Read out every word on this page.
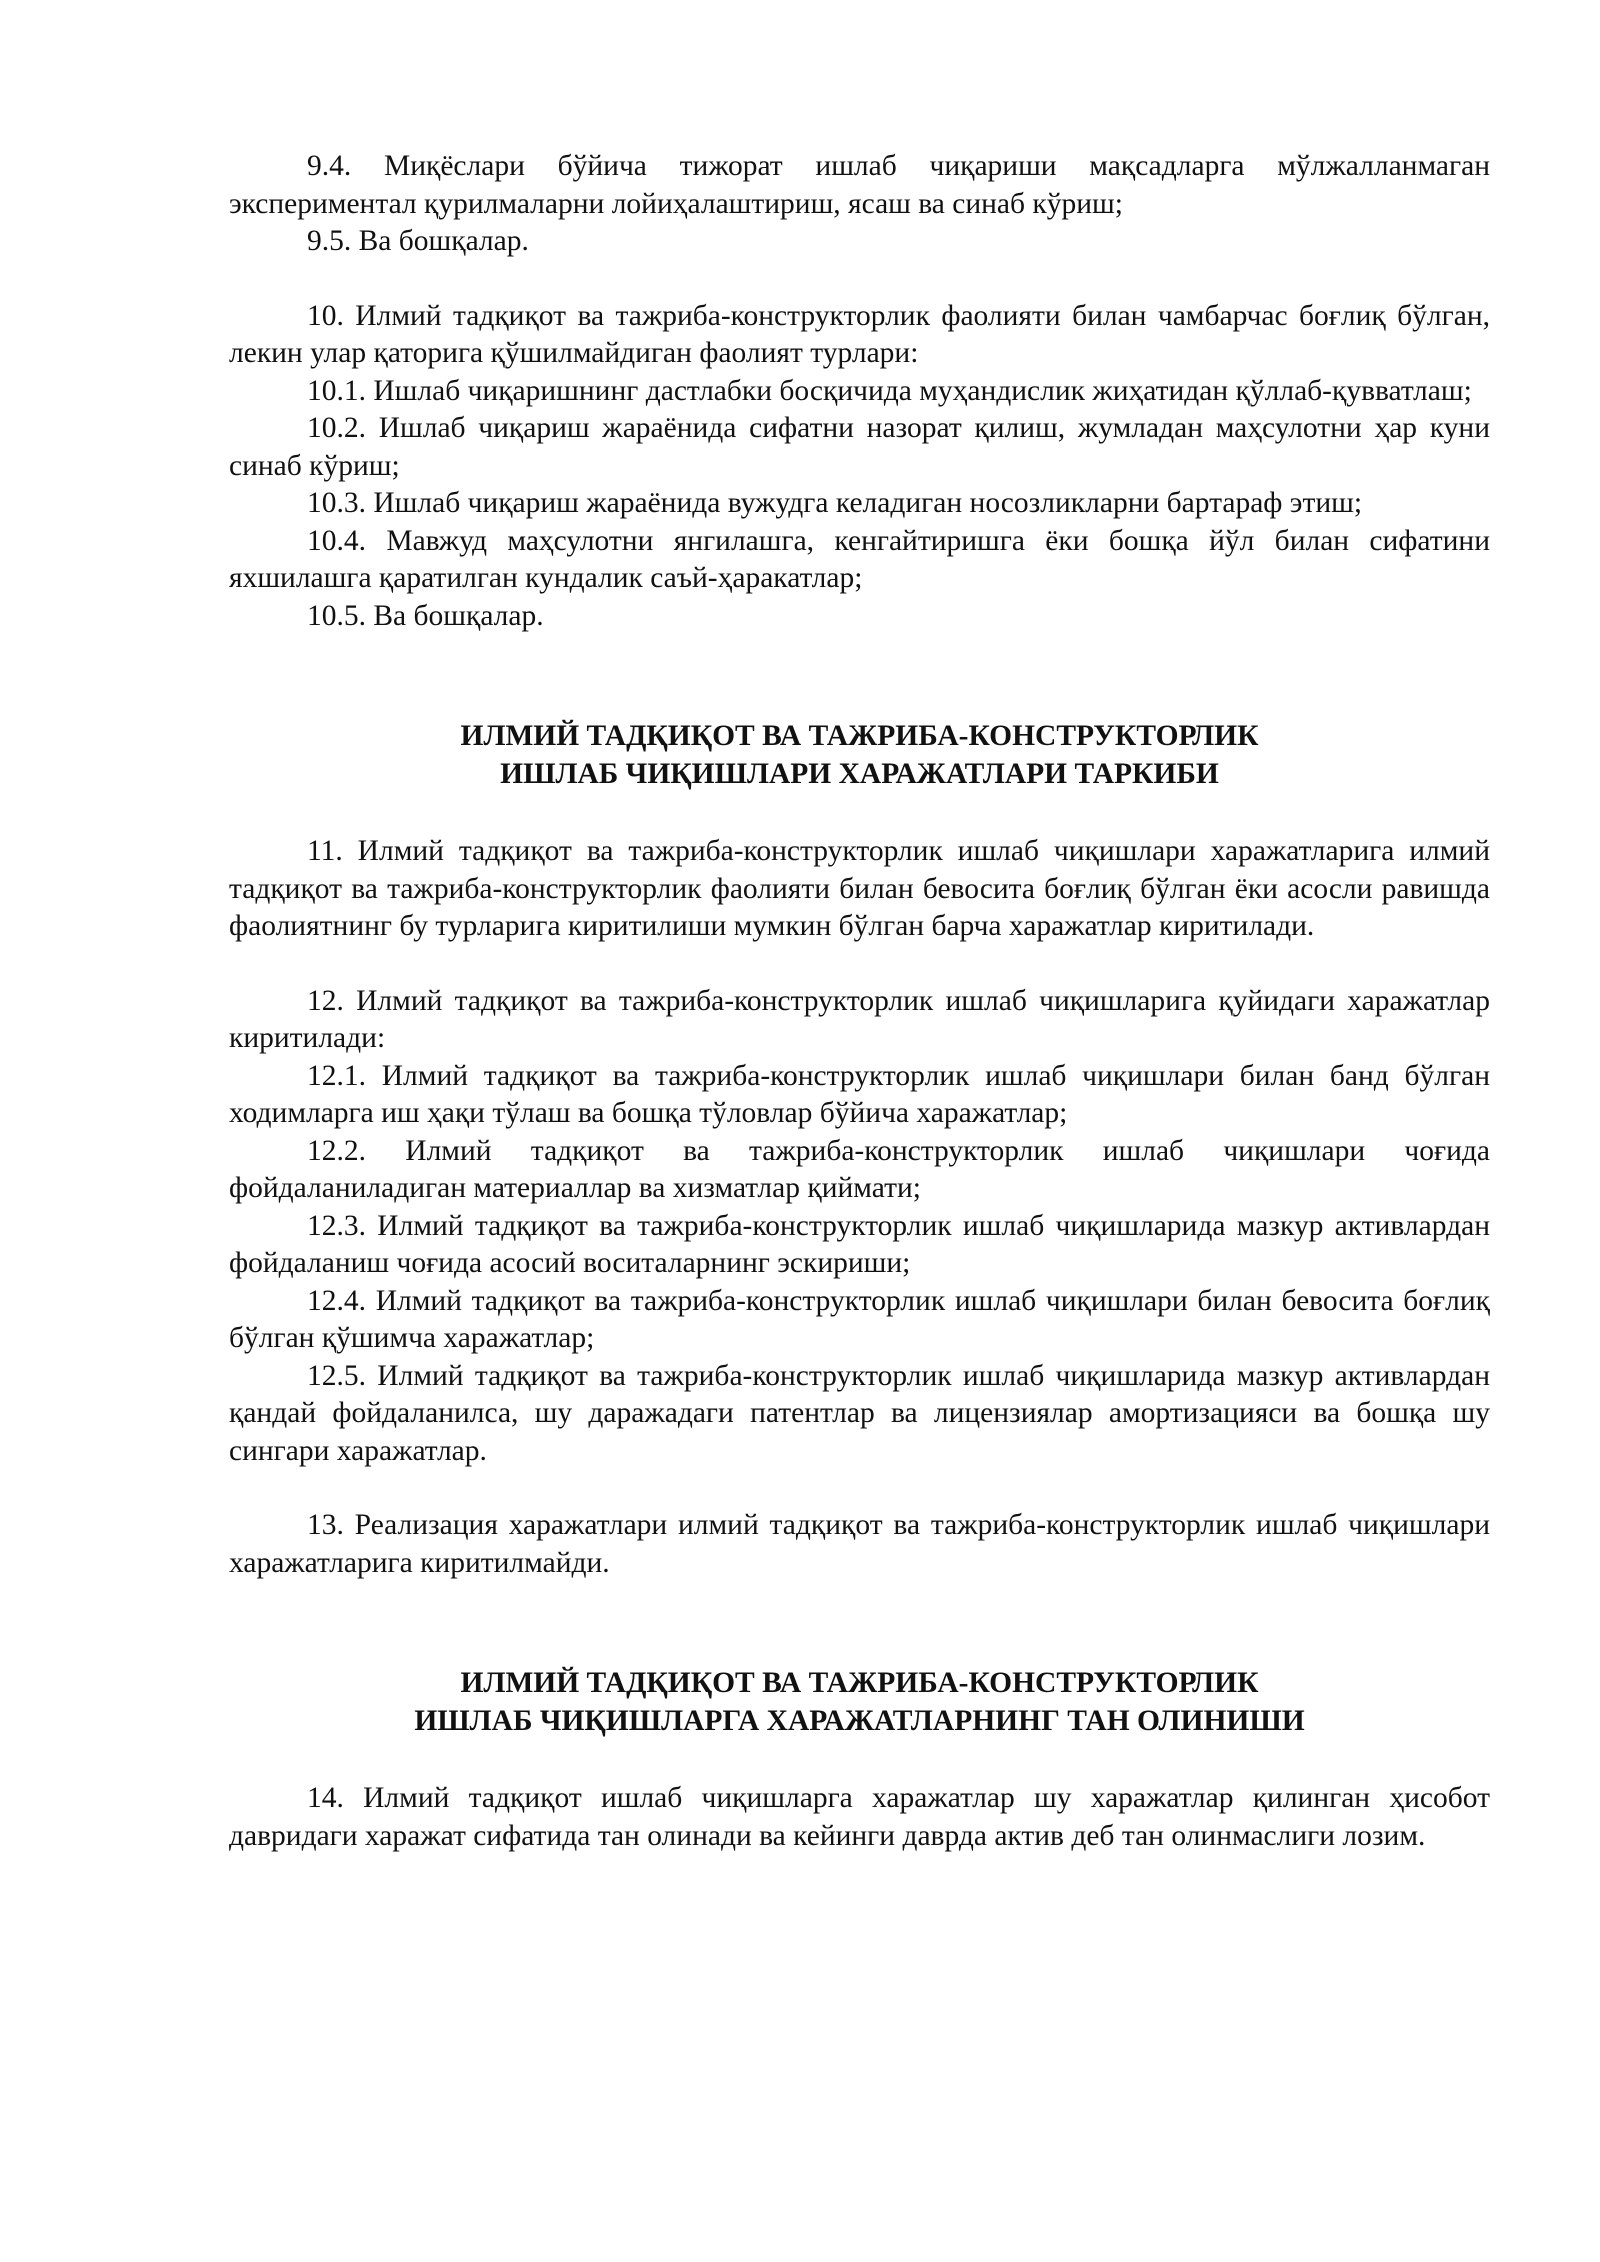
9.4. Миқёслари бўйича тижорат ишлаб чиқариши мақсадларга мўлжалланмаган экспериментал қурилмаларни лойиҳалаштириш, ясаш ва синаб кўриш;

9.5. Ва бошқалар.

10. Илмий тадқиқот ва тажриба-конструкторлик фаолияти билан чамбарчас боғлиқ бўлган, лекин улар қаторига қўшилмайдиган фаолият турлари:

10.1. Ишлаб чиқаришнинг дастлабки босқичида муҳандислик жиҳатидан қўллаб-қувватлаш;

10.2. Ишлаб чиқариш жараёнида сифатни назорат қилиш, жумладан маҳсулотни ҳар куни синаб кўриш;

10.3. Ишлаб чиқариш жараёнида вужудга келадиган носозликларни бартараф этиш;

10.4. Мавжуд маҳсулотни янгилашга, кенгайтиришга ёки бошқа йўл билан сифатини яхшилашга қаратилган кундалик саъй-ҳаракатлар;

10.5. Ва бошқалар.

ИЛМИЙ ТАДҚИҚОТ ВА ТАЖРИБА-КОНСТРУКТОРЛИК
ИШЛАБ ЧИҚИШЛАРИ ХАРАЖАТЛАРИ ТАРКИБИ

11. Илмий тадқиқот ва тажриба-конструкторлик ишлаб чиқишлари харажатларига илмий тадқиқот ва тажриба-конструкторлик фаолияти билан бевосита боғлиқ бўлган ёки асосли равишда фаолиятнинг бу турларига киритилиши мумкин бўлган барча харажатлар киритилади.

12. Илмий тадқиқот ва тажриба-конструкторлик ишлаб чиқишларига қуйидаги харажатлар киритилади:

12.1. Илмий тадқиқот ва тажриба-конструкторлик ишлаб чиқишлари билан банд бўлган ходимларга иш ҳақи тўлаш ва бошқа тўловлар бўйича харажатлар;

12.2. Илмий тадқиқот ва тажриба-конструкторлик ишлаб чиқишлари чоғида фойдаланиладиган материаллар ва хизматлар қиймати;

12.3. Илмий тадқиқот ва тажриба-конструкторлик ишлаб чиқишларида мазкур активлардан фойдаланиш чоғида асосий воситаларнинг эскириши;

12.4. Илмий тадқиқот ва тажриба-конструкторлик ишлаб чиқишлари билан бевосита боғлиқ бўлган қўшимча харажатлар;

12.5. Илмий тадқиқот ва тажриба-конструкторлик ишлаб чиқишларида мазкур активлардан қандай фойдаланилса, шу даражадаги патентлар ва лицензиялар амортизацияси ва бошқа шу сингари харажатлар.

13. Реализация харажатлари илмий тадқиқот ва тажриба-конструкторлик ишлаб чиқишлари харажатларига киритилмайди.

ИЛМИЙ ТАДҚИҚОТ ВА ТАЖРИБА-КОНСТРУКТОРЛИК
ИШЛАБ ЧИҚИШЛАРГА ХАРАЖАТЛАРНИНГ ТАН ОЛИНИШИ

14. Илмий тадқиқот ишлаб чиқишларга харажатлар шу харажатлар қилинган ҳисобот давридаги харажат сифатида тан олинади ва кейинги даврда актив деб тан олинмаслиги лозим.
